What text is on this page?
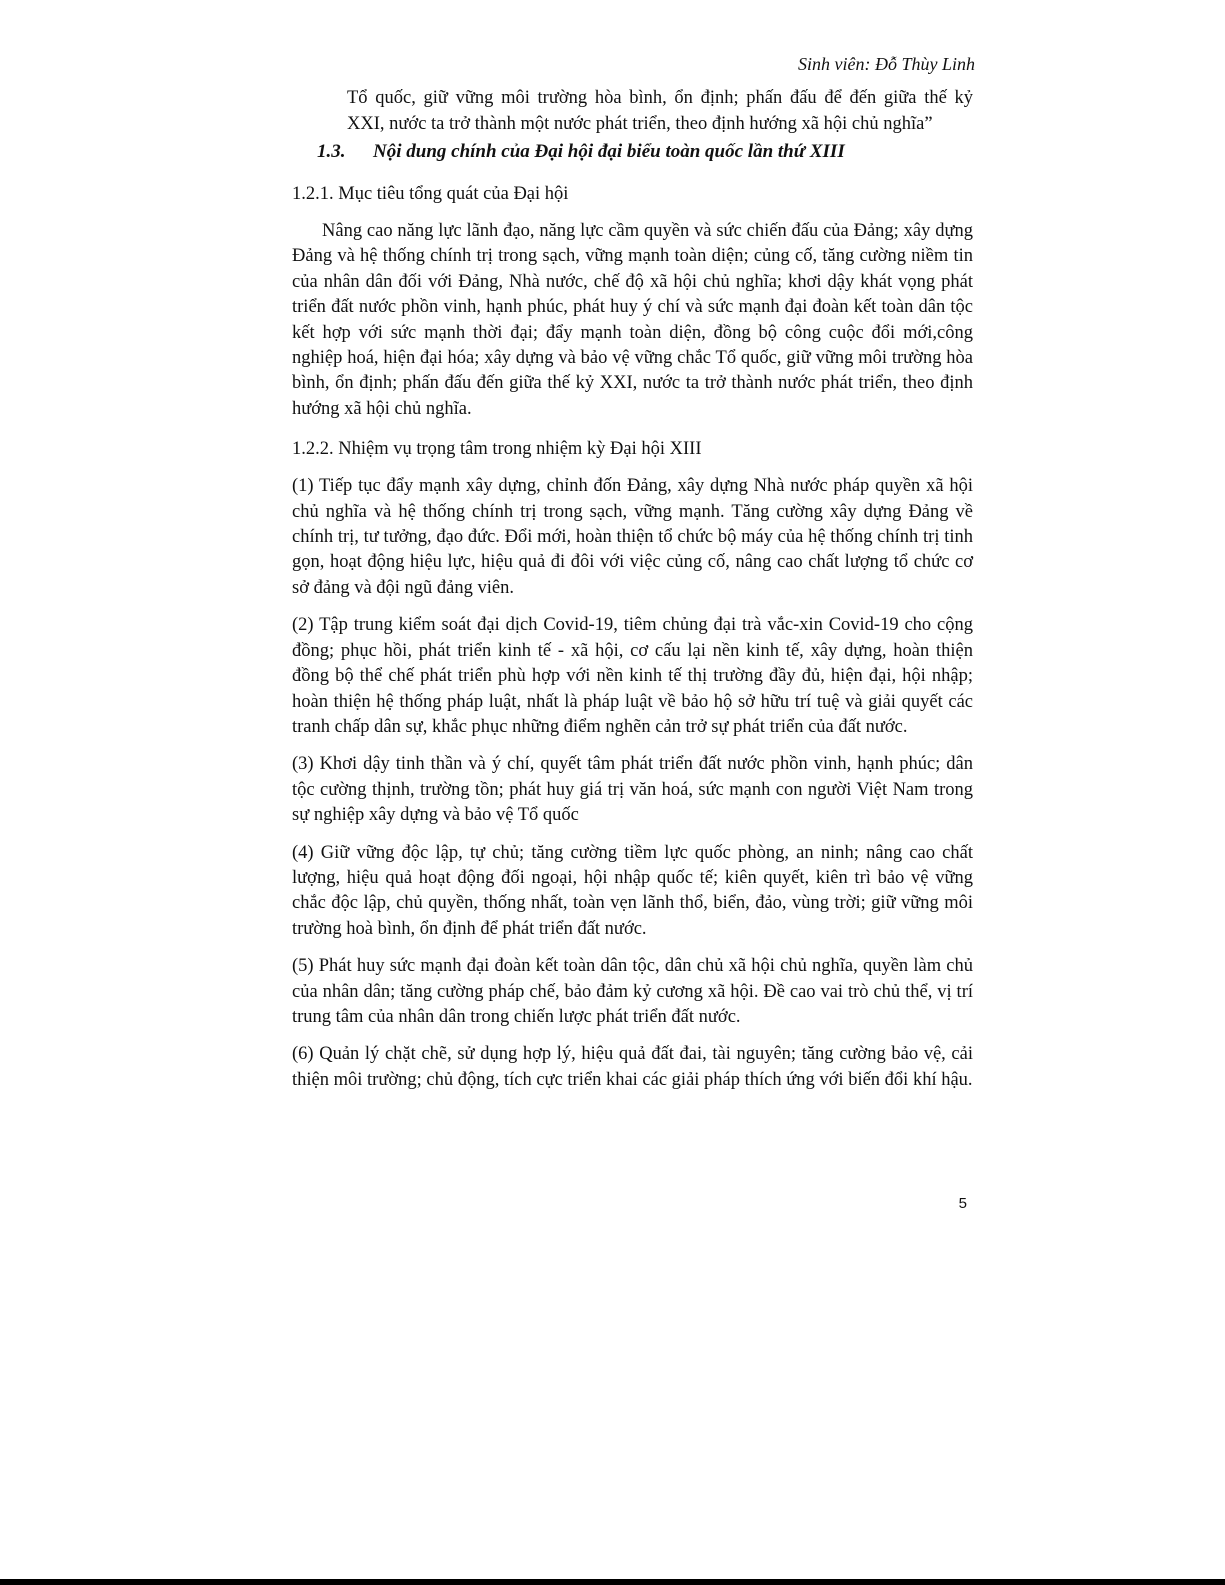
Sinh viên: Đỗ Thùy Linh
Tổ quốc, giữ vững môi trường hòa bình, ổn định; phấn đấu để đến giữa thế kỷ
XXI, nước ta trở thành một nước phát triển, theo định hướng xã hội chủ nghĩa”
1.3.	Nội dung chính của Đại hội đại biểu toàn quốc lần thứ XIII
1.2.1. Mục tiêu tổng quát của Đại hội
Nâng cao năng lực lãnh đạo, năng lực cầm quyền và sức chiến đấu của Đảng; xây dựng Đảng và hệ thống chính trị trong sạch, vững mạnh toàn diện; củng cố, tăng cường niềm tin của nhân dân đối với Đảng, Nhà nước, chế độ xã hội chủ nghĩa; khơi dậy khát vọng phát triển đất nước phồn vinh, hạnh phúc, phát huy ý chí và sức mạnh đại đoàn kết toàn dân tộc kết hợp với sức mạnh thời đại; đẩy mạnh toàn diện, đồng bộ công cuộc đổi mới,công nghiệp hoá, hiện đại hóa; xây dựng và bảo vệ vững chắc Tổ quốc, giữ vững môi trường hòa bình, ổn định; phấn đấu đến giữa thế kỷ XXI, nước ta trở thành nước phát triển, theo định hướng xã hội chủ nghĩa.
1.2.2. Nhiệm vụ trọng tâm trong nhiệm kỳ Đại hội XIII
(1) Tiếp tục đẩy mạnh xây dựng, chỉnh đốn Đảng, xây dựng Nhà nước pháp quyền xã hội chủ nghĩa và hệ thống chính trị trong sạch, vững mạnh. Tăng cường xây dựng Đảng về chính trị, tư tưởng, đạo đức. Đổi mới, hoàn thiện tổ chức bộ máy của hệ thống chính trị tinh gọn, hoạt động hiệu lực, hiệu quả đi đôi với việc củng cố, nâng cao chất lượng tổ chức cơ sở đảng và đội ngũ đảng viên.
(2) Tập trung kiểm soát đại dịch Covid-19, tiêm chủng đại trà vắc-xin Covid-19 cho cộng đồng; phục hồi, phát triển kinh tế - xã hội, cơ cấu lại nền kinh tế, xây dựng, hoàn thiện đồng bộ thể chế phát triển phù hợp với nền kinh tế thị trường đầy đủ, hiện đại, hội nhập; hoàn thiện hệ thống pháp luật, nhất là pháp luật về bảo hộ sở hữu trí tuệ và giải quyết các tranh chấp dân sự, khắc phục những điểm nghẽn cản trở sự phát triển của đất nước.
(3) Khơi dậy tinh thần và ý chí, quyết tâm phát triển đất nước phồn vinh, hạnh phúc; dân tộc cường thịnh, trường tồn; phát huy giá trị văn hoá, sức mạnh con người Việt Nam trong sự nghiệp xây dựng và bảo vệ Tổ quốc
(4) Giữ vững độc lập, tự chủ; tăng cường tiềm lực quốc phòng, an ninh; nâng cao chất lượng, hiệu quả hoạt động đối ngoại, hội nhập quốc tế; kiên quyết, kiên trì bảo vệ vững chắc độc lập, chủ quyền, thống nhất, toàn vẹn lãnh thổ, biển, đảo, vùng trời; giữ vững môi trường hoà bình, ổn định để phát triển đất nước.
(5) Phát huy sức mạnh đại đoàn kết toàn dân tộc, dân chủ xã hội chủ nghĩa, quyền làm chủ của nhân dân; tăng cường pháp chế, bảo đảm kỷ cương xã hội. Đề cao vai trò chủ thể, vị trí trung tâm của nhân dân trong chiến lược phát triển đất nước.
(6) Quản lý chặt chẽ, sử dụng hợp lý, hiệu quả đất đai, tài nguyên; tăng cường bảo vệ, cải thiện môi trường; chủ động, tích cực triển khai các giải pháp thích ứng với biến đổi khí hậu.
5
